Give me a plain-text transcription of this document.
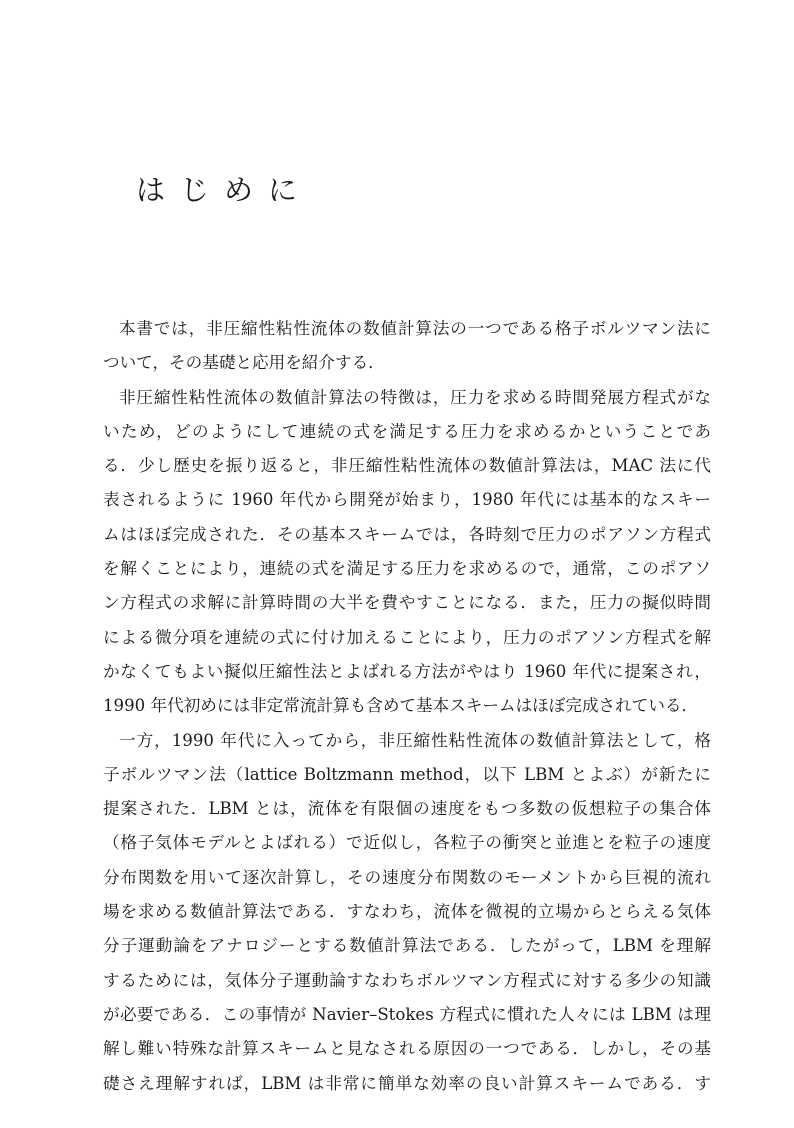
はじめに
本書では，非圧縮性粘性流体の数値計算法の一つである格子ボルツマン法に
ついて，その基礎と応用を紹介する．
非圧縮性粘性流体の数値計算法の特徴は，圧力を求める時間発展方程式がな
いため，どのようにして連続の式を満足する圧力を求めるかということであ
る．少し歴史を振り返ると，非圧縮性粘性流体の数値計算法は，MAC 法に代
表されるように 1960 年代から開発が始まり，1980 年代には基本的なスキー
ムはほぼ完成された．その基本スキームでは，各時刻で圧力のポアソン方程式
を解くことにより，連続の式を満足する圧力を求めるので，通常，このポアソ
ン方程式の求解に計算時間の大半を費やすことになる．また，圧力の擬似時間
による微分項を連続の式に付け加えることにより，圧力のポアソン方程式を解
かなくてもよい擬似圧縮性法とよばれる方法がやはり 1960 年代に提案され，
1990 年代初めには非定常流計算も含めて基本スキームはほぼ完成されている．
一方，1990 年代に入ってから，非圧縮性粘性流体の数値計算法として，格
子ボルツマン法（lattice Boltzmann method，以下 LBM とよぶ）が新たに
提案された．LBM とは，流体を有限個の速度をもつ多数の仮想粒子の集合体
（格子気体モデルとよばれる）で近似し，各粒子の衝突と並進とを粒子の速度
分布関数を用いて逐次計算し，その速度分布関数のモーメントから巨視的流れ
場を求める数値計算法である．すなわち，流体を微視的立場からとらえる気体
分子運動論をアナロジーとする数値計算法である．したがって，LBM を理解
するためには，気体分子運動論すなわちボルツマン方程式に対する多少の知識
が必要である．この事情が Navier–Stokes 方程式に慣れた人々には LBM は理
解し難い特殊な計算スキームと見なされる原因の一つである．しかし，その基
礎さえ理解すれば，LBM は非常に簡単な効率の良い計算スキームである．す
